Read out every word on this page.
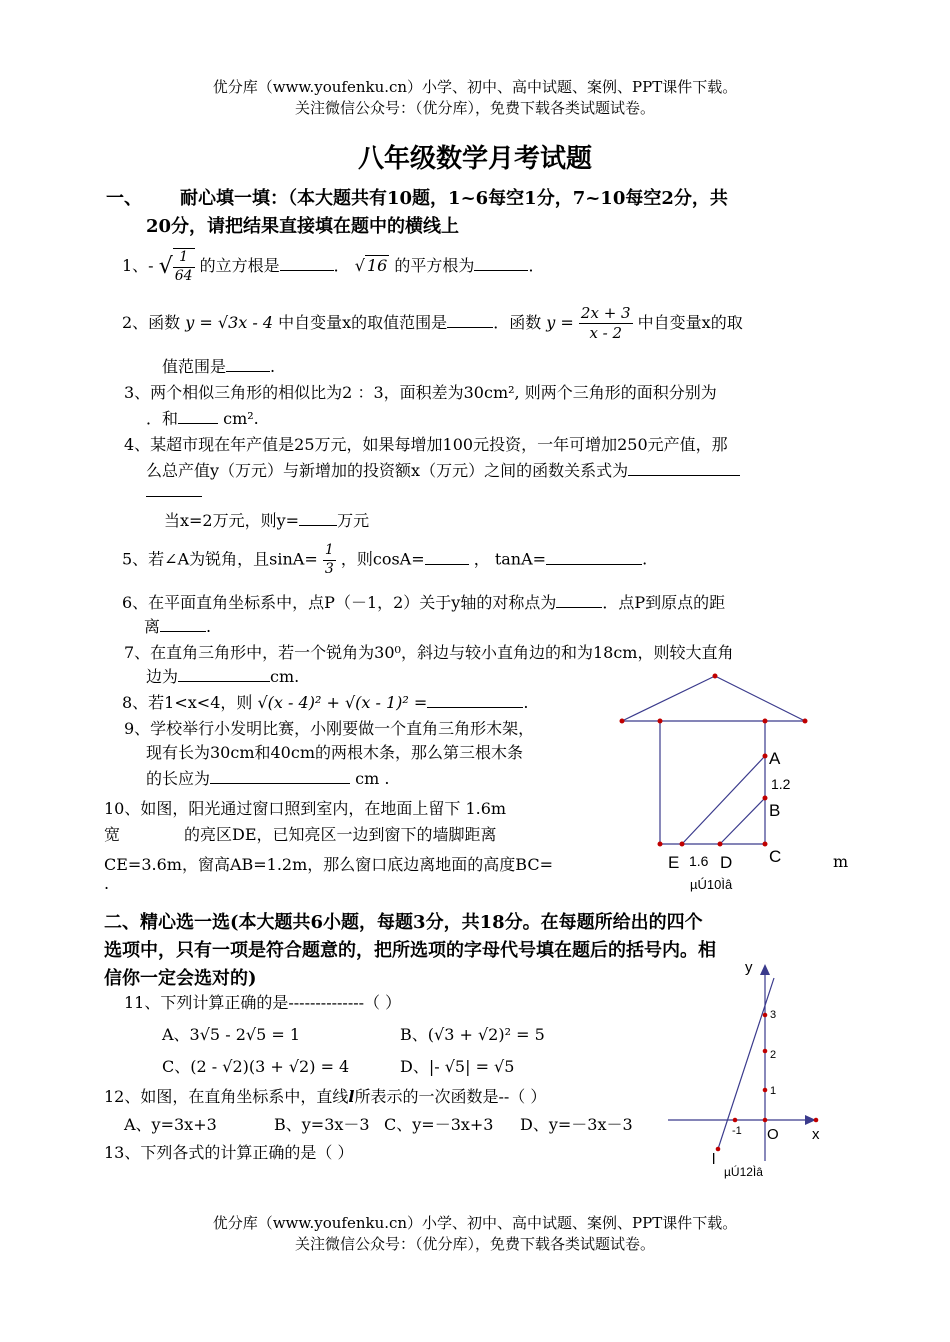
优分库（www.youfenku.cn）小学、初中、高中试题、案例、PPT课件下载。
关注微信公众号：（优分库），免费下载各类试题试卷。
八年级数学月考试题
一、 耐心填一填：（本大题共有10题，1~6每空1分，7~10每空2分，共
20分，请把结果直接填在题中的横线上
1、- √ $\frac{1}{64}$ 的立方根是	． √ 16 的平方根为	．
2、函数 y = √3x - 4 中自变量x的取值范围是	．函数 $y = \frac{2x + 3}{x - 2}$ 中自变量x的取
值范围是	.
3、两个相似三角形的相似比为2 ：3，面积差为30cm², 则两个三角形的面积分别为
．和	cm².
4、某超市现在年产值是25万元，如果每增加100元投资，一年可增加250元产值，那
么总产值y（万元）与新增加的投资额x（万元）之间的函数关系式为
当x=2万元，则y= 万元
5、若∠A为锐角，且$\sin A= \frac{1}{3}$ ，则cosA=	， tanA=	.
6、在平面直角坐标系中，点P（－1，2）关于y轴的对称点为	．点P到原点的距
离	.
7、在直角三角形中，若一个锐角为30⁰，斜边与较小直角边的和为18cm，则较大直角
边为	cm.
8、若1<x<4，则 √(x - 4)² + √(x - 1)² =	.
9、学校举行小发明比赛，小刚要做一个直角三角形木架，
现有长为30cm和40cm的两根木条，那么第三根木条
的长应为	cm .
10、如图，阳光通过窗口照到室内，在地面上留下 1.6m
宽	的亮区DE，已知亮区一边到窗下的墙脚距离
CE=3.6m，窗高AB=1.2m，那么窗口底边离地面的高度BC=	m
.
A
1.2
B
C
D
E 1.6
µÚ10Ìâ
二、精心选一选(本大题共6小题，每题3分，共18分。在每题所给出的四个
选项中，只有一项是符合题意的，把所选项的字母代号填在题后的括号内。相
信你一定会选对的)
11、下列计算正确的是--------------（ ）
A、3√5 - 2√5 = 1	B、(√3 + √2)² = 5
C、(2 - √2)(3 + √2) = 4	D、|- √5| = √5
12、如图，在直角坐标系中，直线l所表示的一次函数是--（ ）
A、y=3x+3	B、y=3x－3 C、y=－3x+3 D、y=－3x－3
13、下列各式的计算正确的是（ ）
y
x
O
3
2
1
-1
l
µÚ12Ìâ
优分库（www.youfenku.cn）小学、初中、高中试题、案例、PPT课件下载。
关注微信公众号：（优分库），免费下载各类试题试卷。
